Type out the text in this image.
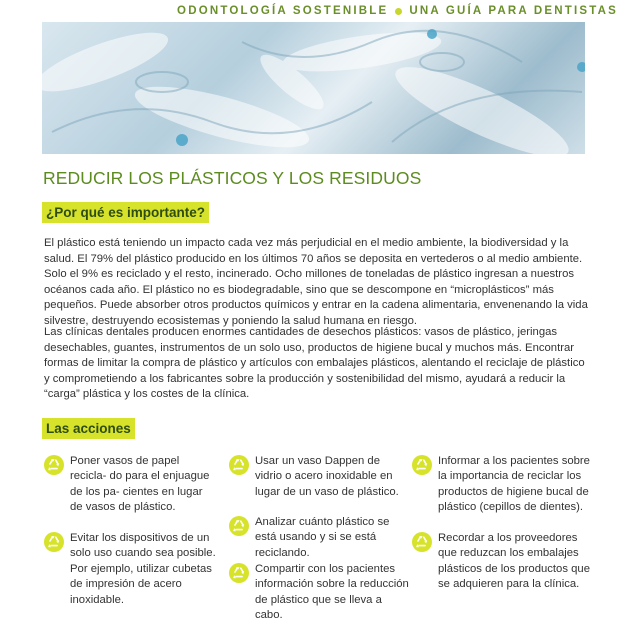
ODONTOLOGÍA SOSTENIBLE UNA GUÍA PARA DENTISTAS
REDUCIR LOS PLÁSTICOS Y LOS RESIDUOS
¿Por qué es importante?
El plástico está teniendo un impacto cada vez más perjudicial en el medio ambiente, la biodiversidad y la salud. El 79% del plástico producido en los últimos 70 años se deposita en vertederos o al medio ambiente. Solo el 9% es reciclado y el resto, incinerado. Ocho millones de toneladas de plástico ingresan a nuestros océanos cada año. El plástico no es biodegradable, sino que se descompone en “microplásticos” más pequeños. Puede absorber otros productos químicos y entrar en la cadena alimentaria, envenenando la vida silvestre, destruyendo ecosistemas y poniendo la salud humana en riesgo.
Las clínicas dentales producen enormes cantidades de desechos plásticos: vasos de plástico, jeringas desechables, guantes, instrumentos de un solo uso, productos de higiene bucal y muchos más. Encontrar formas de limitar la compra de plástico y artículos con embalajes plásticos, alentando el reciclaje de plástico y comprometiendo a los fabricantes sobre la producción y sostenibilidad del mismo, ayudará a reducir la “carga” plástica y los costes de la clínica.
Las acciones
Poner vasos de papel recicla- do para el enjuague de los pa- cientes en lugar de vasos de plástico.
Evitar los dispositivos de un solo uso cuando sea posible. Por ejemplo, utilizar cubetas de impresión de acero inoxidable.
Usar un vaso Dappen de vidrio o acero inoxidable en lugar de un vaso de plástico.
Analizar cuánto plástico se está usando y si se está reciclando.
Compartir con los pacientes información sobre la reducción de plástico que se lleva a cabo.
Informar a los pacientes sobre la importancia de reciclar los productos de higiene bucal de plástico (cepillos de dientes).
Recordar a los proveedores que reduzcan los embalajes plásticos de los productos que se adquieren para la clínica.
